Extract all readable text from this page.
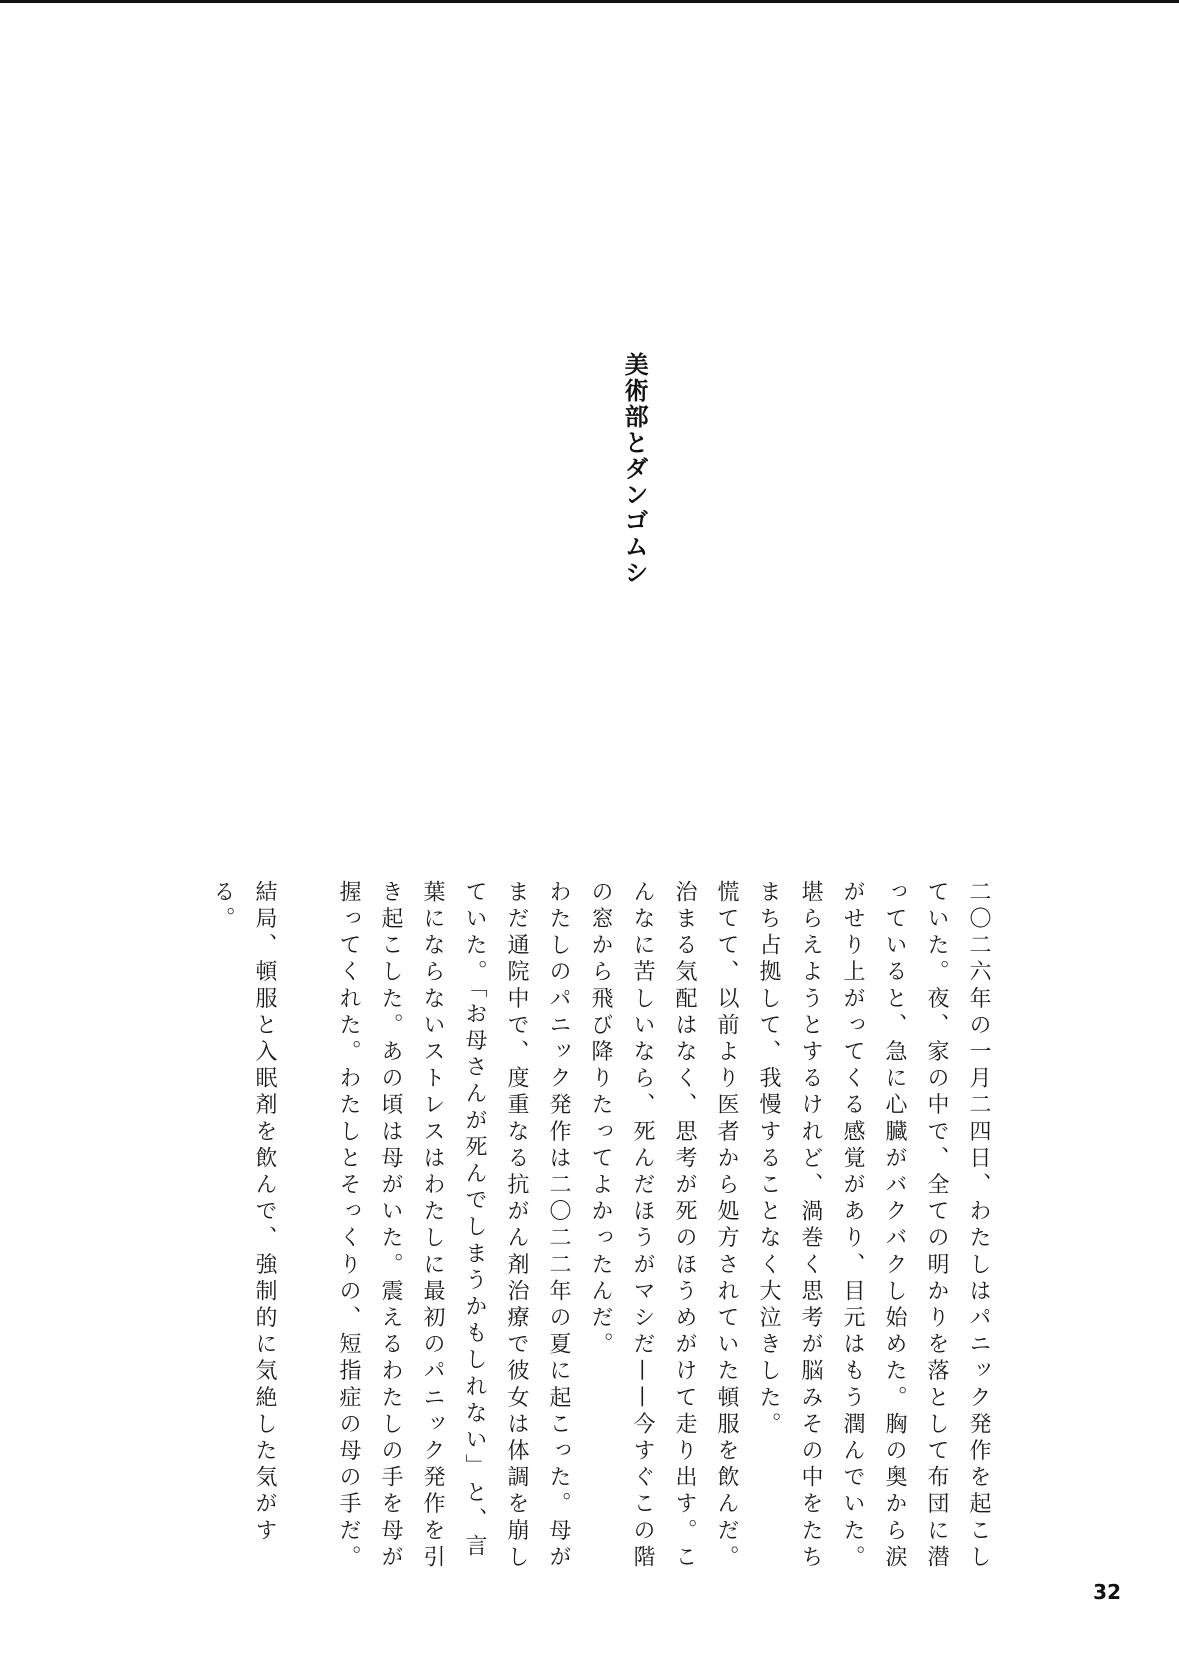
美術部とダンゴムシ

二〇二六年の一月二四日、わたしはパニック発作を起こしていた。夜、家の中で、全ての明かりを落として布団に潜っていると、急に心臓がバクバクし始めた。胸の奥から涙がせり上がってくる感覚があり、目元はもう潤んでいた。堪らえようとするけれど、渦巻く思考が脳みその中をたちまち占拠して、我慢することなく大泣きした。

慌てて、以前より医者から処方されていた頓服を飲んだ。治まる気配はなく、思考が死のほうめがけて走り出す。こんなに苦しいなら、死んだほうがマシだ——今すぐこの階の窓から飛び降りたってよかったんだ。

わたしのパニック発作は二〇二二年の夏に起こった。母がまだ通院中で、度重なる抗がん剤治療で彼女は体調を崩していた。「お母さんが死んでしまうかもしれない」と、言葉にならないストレスはわたしに最初のパニック発作を引き起こした。あの頃は母がいた。震えるわたしの手を母が握ってくれた。わたしとそっくりの、短指症の母の手だ。

結局、頓服と入眠剤を飲んで、強制的に気絶した気がする。

32
